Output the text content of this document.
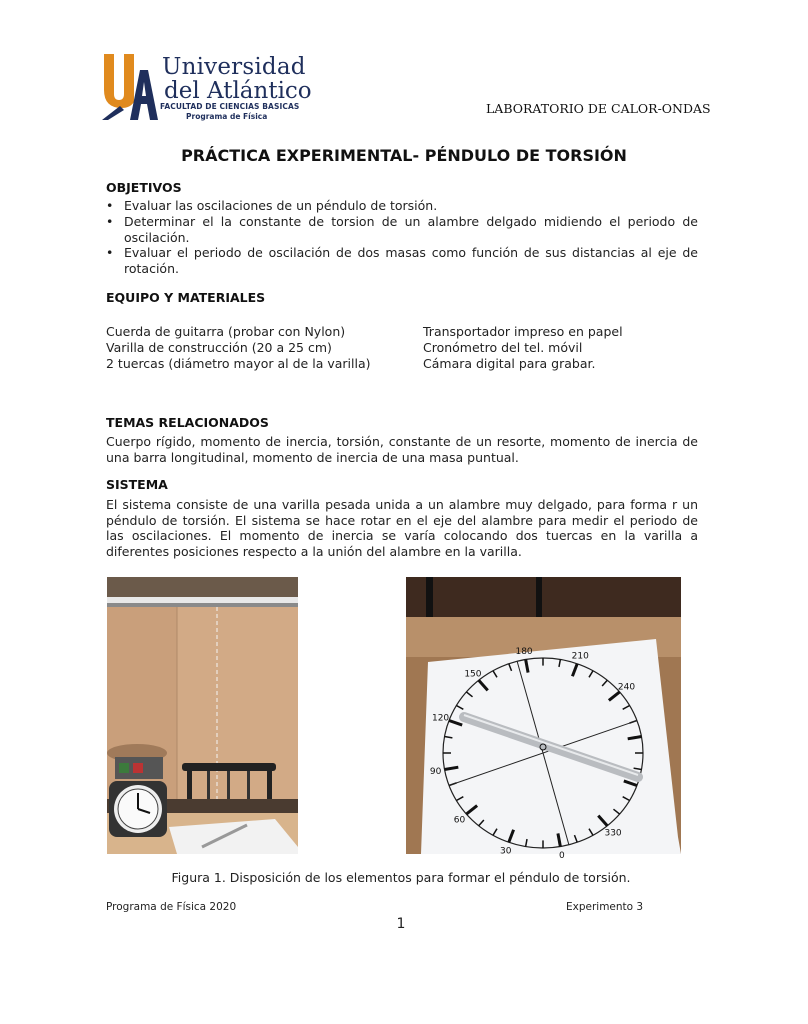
Universidad
del Atlántico
FACULTAD DE CIENCIAS BASICAS
Programa de Física
LABORATORIO DE CALOR-ONDAS
PRÁCTICA EXPERIMENTAL- PÉNDULO DE TORSIÓN
OBJETIVOS
• Evaluar las oscilaciones de un péndulo de torsión.
• Determinar el la constante de torsion de un alambre delgado midiendo el periodo de oscilación.
• Evaluar el periodo de oscilación de dos masas como función de sus distancias al eje de rotación.
EQUIPO Y MATERIALES
Cuerda de guitarra (probar con Nylon)
Varilla de construcción (20 a 25 cm)
2 tuercas (diámetro mayor al de la varilla)
Transportador impreso en papel
Cronómetro del tel. móvil
Cámara digital para grabar.
TEMAS RELACIONADOS
Cuerpo rígido, momento de inercia, torsión, constante de un resorte, momento de inercia de una barra longitudinal, momento de inercia de una masa puntual.
SISTEMA
El sistema consiste de una varilla pesada unida a un alambre muy delgado, para forma r un péndulo de torsión. El sistema se hace rotar en el eje del alambre para medir el periodo de las oscilaciones. El momento de inercia se varía colocando dos tuercas en la varilla a diferentes posiciones respecto a la unión del alambre en la varilla.
0
30
60
90
120
150
180	210
240
330
Figura 1. Disposición de los elementos para formar el péndulo de torsión.
Programa de Física 2020	Experimento 3
1
